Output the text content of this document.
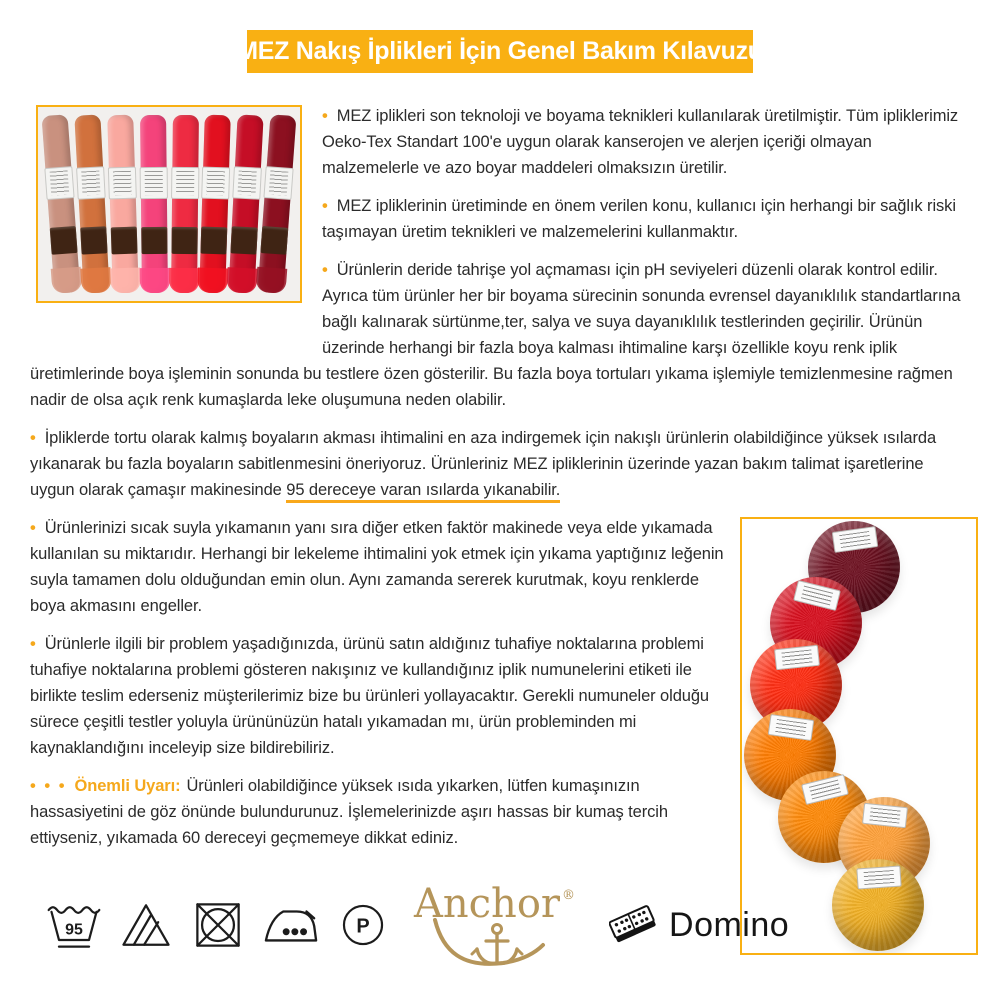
MEZ Nakış İplikleri İçin Genel Bakım Kılavuzu

• MEZ iplikleri son teknoloji ve boyama teknikleri kullanılarak üretilmiştir. Tüm ipliklerimiz Oeko-Tex Standart 100'e uygun olarak kanserojen ve alerjen içeriği olmayan malzemelerle ve azo boyar maddeleri olmaksızın üretilir.

• MEZ ipliklerinin üretiminde en önem verilen konu, kullanıcı için herhangi bir sağlık riski taşımayan üretim teknikleri ve malzemelerini kullanmaktır.

• Ürünlerin deride tahrişe yol açmaması için pH seviyeleri düzenli olarak kontrol edilir. Ayrıca tüm ürünler her bir boyama sürecinin sonunda evrensel dayanıklılık standartlarına bağlı kalınarak sürtünme,ter, salya ve suya dayanıklılık testlerinden geçirilir. Ürünün üzerinde herhangi bir fazla boya kalması ihtimaline karşı özellikle koyu renk iplik üretimlerinde boya işleminin sonunda bu testlere özen gösterilir. Bu fazla boya tortuları yıkama işlemiyle temizlenmesine rağmen nadir de olsa açık renk kumaşlarda leke oluşumuna neden olabilir.

• İpliklerde tortu olarak kalmış boyaların akması ihtimalini en aza indirgemek için nakışlı ürünlerin olabildiğince yüksek ısılarda yıkanarak bu fazla boyaların sabitlenmesini öneriyoruz. Ürünleriniz MEZ ipliklerinin üzerinde yazan bakım talimat işaretlerine uygun olarak çamaşır makinesinde 95 dereceye varan ısılarda yıkanabilir.

• Ürünlerinizi sıcak suyla yıkamanın yanı sıra diğer etken faktör makinede veya elde yıkamada kullanılan su miktarıdır. Herhangi bir lekeleme ihtimalini yok etmek için yıkama yaptığınız leğenin suyla tamamen dolu olduğundan emin olun. Aynı zamanda sererek kurutmak, koyu renklerde boya akmasını engeller.

• Ürünlerle ilgili bir problem yaşadığınızda, ürünü satın aldığınız tuhafiye noktalarına problemi tuhafiye noktalarına problemi gösteren nakışınız ve kullandığınız iplik numunelerini etiketi ile birlikte teslim ederseniz müşterilerimiz bize bu ürünleri yollayacaktır. Gerekli numuneler olduğu sürece çeşitli testler yoluyla ürününüzün hatalı yıkamadan mı, ürün probleminden mi kaynaklandığını inceleyip size bildirebiliriz.

• • • Önemli Uyarı: Ürünleri olabildiğince yüksek ısıda yıkarken, lütfen kumaşınızın hassasiyetini de göz önünde bulundurunuz. İşlemelerinizde aşırı hassas bir kumaş tercih ettiyseniz, yıkamada 60 dereceyi geçmemeye dikkat ediniz.

95	P Anchor ®
Domino
